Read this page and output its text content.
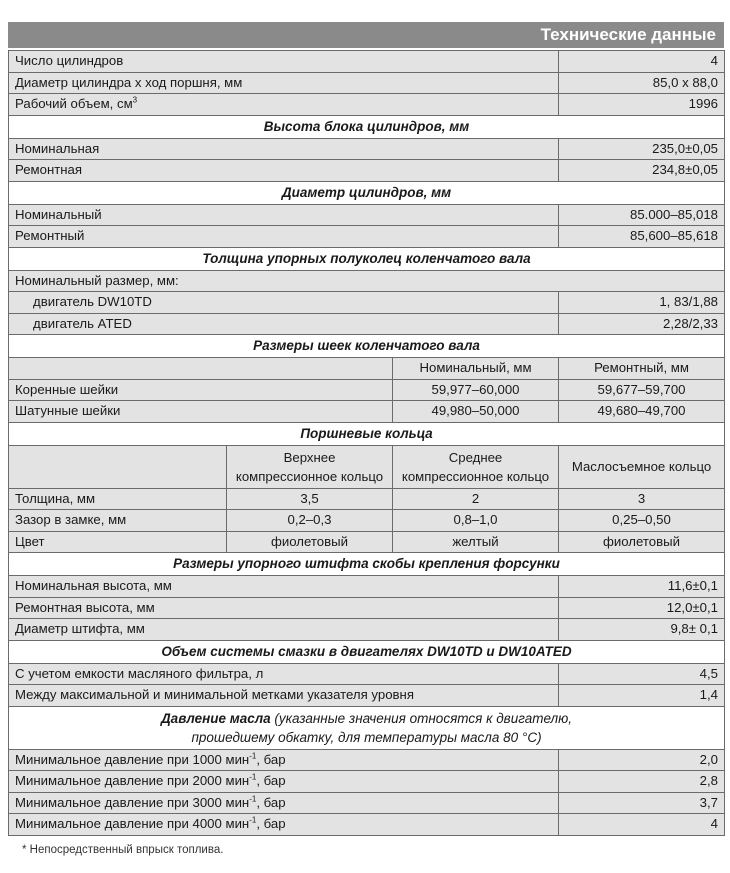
Технические данные
Число цилиндров			4
Диаметр цилиндра х ход поршня, мм			85,0 х 88,0
Рабочий объем, $см^3$			1996
Высота блока цилиндров, мм			
Номинальная			235,0±0,05
Ремонтная			234,8±0,05
Диаметр цилиндров, мм			
Номинальный			85.000–85,018
Ремонтный			85,600–85,618
Толщина упорных полуколец коленчатого вала			
Номинальный размер, мм:			
двигатель DW10TD			1, 83/1,88
двигатель ATED			2,28/2,33
Размеры шеек коленчатого вала			
		Номинальный, мм	Ремонтный, мм
Коренные шейки		59,977–60,000	59,677–59,700
Шатунные шейки		49,980–50,000	49,680–49,700
Поршневые кольца			
	Верхнее компрессионное кольцо	Среднее компрессионное кольцо	Маслосъемное кольцо
Толщина, мм	3,5	2	3
Зазор в замке, мм	0,2–0,3	0,8–1,0	0,25–0,50
Цвет	фиолетовый	желтый	фиолетовый
Размеры упорного штифта скобы крепления форсунки			
Номинальная высота, мм			11,6±0,1
Ремонтная высота, мм			12,0±0,1
Диаметр штифта, мм			9,8± 0,1
Объем системы смазки в двигателях DW10TD и DW10ATED			
С учетом емкости масляного фильтра, л			4,5
Между максимальной и минимальной метками указателя уровня			1,4
Давление масла (указанные значения относятся к двигателю,
прошедшему обкатку, для температуры масла 80 °С)			
Минимальное давление при 1000 мин$^{-1}$, бар			2,0
Минимальное давление при 2000 мин$^{-1}$, бар			2,8
Минимальное давление при 3000 мин$^{-1}$, бар			3,7
Минимальное давление при 4000 мин$^{-1}$, бар			4
* Непосредственный впрыск топлива.
